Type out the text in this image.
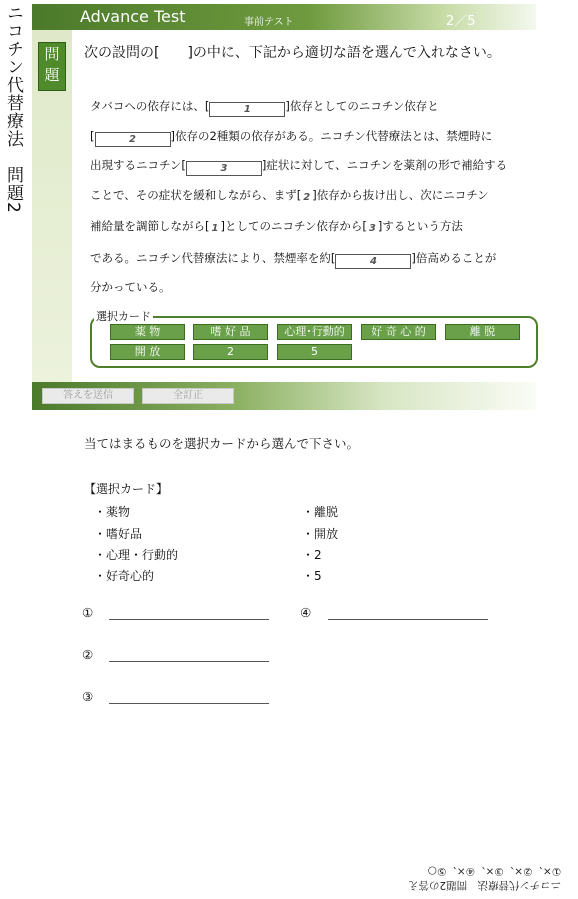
ニコチン代替療法　問題2	Advance Test	事前テスト	2／5
問題
次の設問の[　　]の中に、下記から適切な語を選んで入れなさい。
タバコへの依存には、[	1	]依存としてのニコチン依存と
[	2	]依存の2種類の依存がある。ニコチン代替療法とは、禁煙時に
出現するニコチン[	3	]症状に対して、ニコチンを薬剤の形で補給する
ことで、その症状を緩和しながら、まず[ 2 ]依存から抜け出し、次にニコチン
補給量を調節しながら[ 1 ]としてのニコチン依存から[ 3 ]するという方法
である。ニコチン代替療法により、禁煙率を約[	4	]倍高めることが
分かっている。
選択カード
薬 物	嗜 好 品	心理･行動的	好 奇 心 的	離 脱
開 放	2	5
答えを送信	全訂正
当てはまるものを選択カードから選んで下さい。
【選択カード】
・薬物
・嗜好品
・心理・行動的
・好奇心的
・離脱
・開放
・2
・5
①	④
②
③
ニコチン代替療法　問題2の答え
①×、②×、③×、④×、⑤○
